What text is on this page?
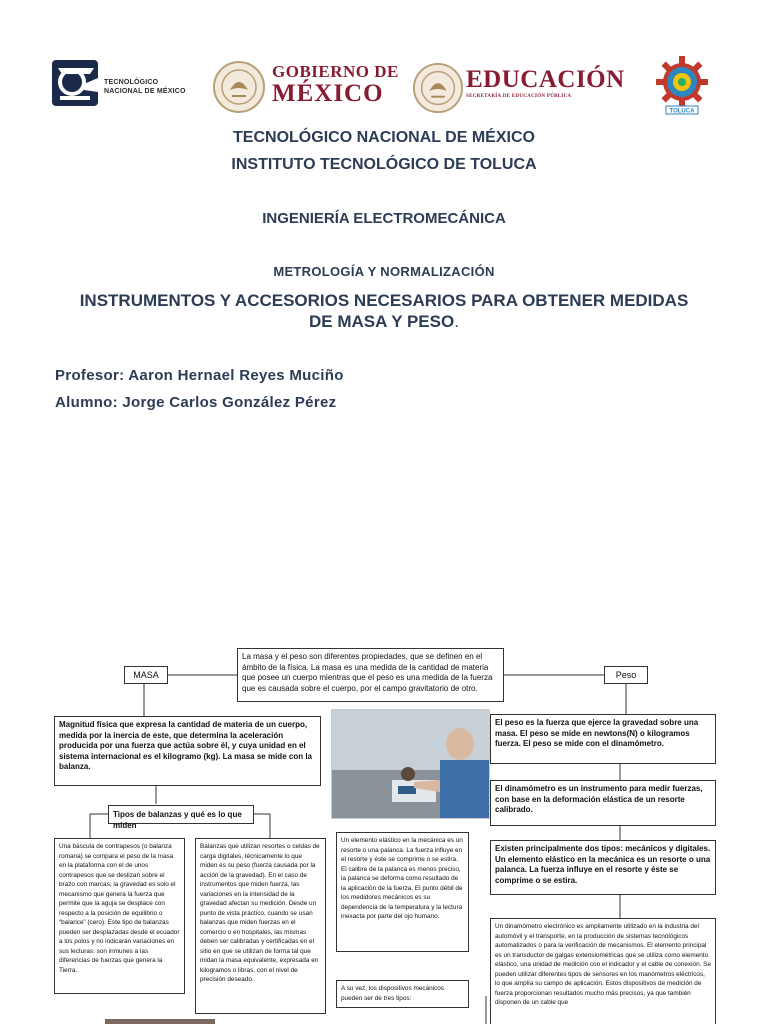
TECNOLÓGICO
NACIONAL DE MÉXICO
GOBIERNO DE
MÉXICO
EDUCACIÓN
SECRETARÍA DE EDUCACIÓN PÚBLICA
TOLUCA
TECNOLÓGICO NACIONAL DE MÉXICO
INSTITUTO TECNOLÓGICO DE TOLUCA
INGENIERÍA ELECTROMECÁNICA
METROLOGÍA Y NORMALIZACIÓN
INSTRUMENTOS Y ACCESORIOS NECESARIOS PARA OBTENER MEDIDAS
DE MASA Y PESO.
Profesor: Aaron Hernael Reyes Muciño
Alumno: Jorge Carlos González Pérez
La masa y el peso son diferentes propiedades, que se definen en el ámbito de la física. La masa es una medida de la cantidad de materia que posee un cuerpo mientras que el peso es una medida de la fuerza que es causada sobre el cuerpo, por el campo gravitatorio de otro.
MASA	Peso
Magnitud física que expresa la cantidad de materia de un cuerpo, medida por la inercia de este, que determina la aceleración producida por una fuerza que actúa sobre él, y cuya unidad en el sistema internacional es el kilogramo (kg). La masa se mide con la balanza.
Tipos de balanzas y qué es lo que miden
Una báscula de contrapesos (o balanza romana) se compara el peso de la masa en la plataforma con el de unos contrapesos que se deslizan sobre el brazo con marcas; la gravedad es solo el mecanismo que genera la fuerza que permite que la aguja se desplace con respecto a la posición de equilibrio o “balance” (cero). Este tipo de balanzas pueden ser desplazadas desde el ecuador a los polos y no indicarán variaciones en sus lecturas; son inmunes a las diferencias de fuerzas que genera la Tierra.
Balanzas que utilizan resortes o celdas de carga digitales, técnicamente lo que miden es su peso (fuerza causada por la acción de la gravedad). En el caso de instrumentos que miden fuerza, las variaciones en la intensidad de la gravedad afectan su medición. Desde un punto de vista práctico, cuando se usan balanzas que miden fuerzas en el comercio o en hospitales, las mismas deben ser calibradas y certificadas en el sitio en que se utilizan de forma tal que midan la masa equivalente, expresada en kilogramos o libras, con el nivel de precisión deseado.
Un elemento elástico en la mecánica es un resorte o una palanca. La fuerza influye en el resorte y éste se comprime o se estira. El calibre de la palanca es menos preciso, la palanca se deforma como resultado de la aplicación de la fuerza. El punto débil de los medidores mecánicos es su dependencia de la temperatura y la lectura inexacta por parte del ojo humano.
A su vez, los dispositivos mecánicos pueden ser de tres tipos:
El peso es la fuerza que ejerce la gravedad sobre una masa. El peso se mide en newtons(N) o kilogramos fuerza. El peso se mide con el dinamómetro.
El dinamómetro es un instrumento para medir fuerzas, con base en la deformación elástica de un resorte calibrado.
Existen principalmente dos tipos: mecánicos y digitales. Un elemento elástico en la mecánica es un resorte o una palanca. La fuerza influye en el resorte y éste se comprime o se estira.
Un dinamómetro electrónico es ampliamente utilizado en la industria del automóvil y el transporte, en la producción de sistemas tecnológicos automatizados o para la verificación de mecanismos. El elemento principal es un transductor de galgas extensiométricas que se utiliza como elemento elástico, una unidad de medición con el indicador y el cable de conexión. Se pueden utilizar diferentes tipos de sensores en los manómetros eléctricos, lo que amplía su campo de aplicación. Estos dispositivos de medición de fuerza proporcionan resultados mucho más precisos, ya que también disponen de un cable que
